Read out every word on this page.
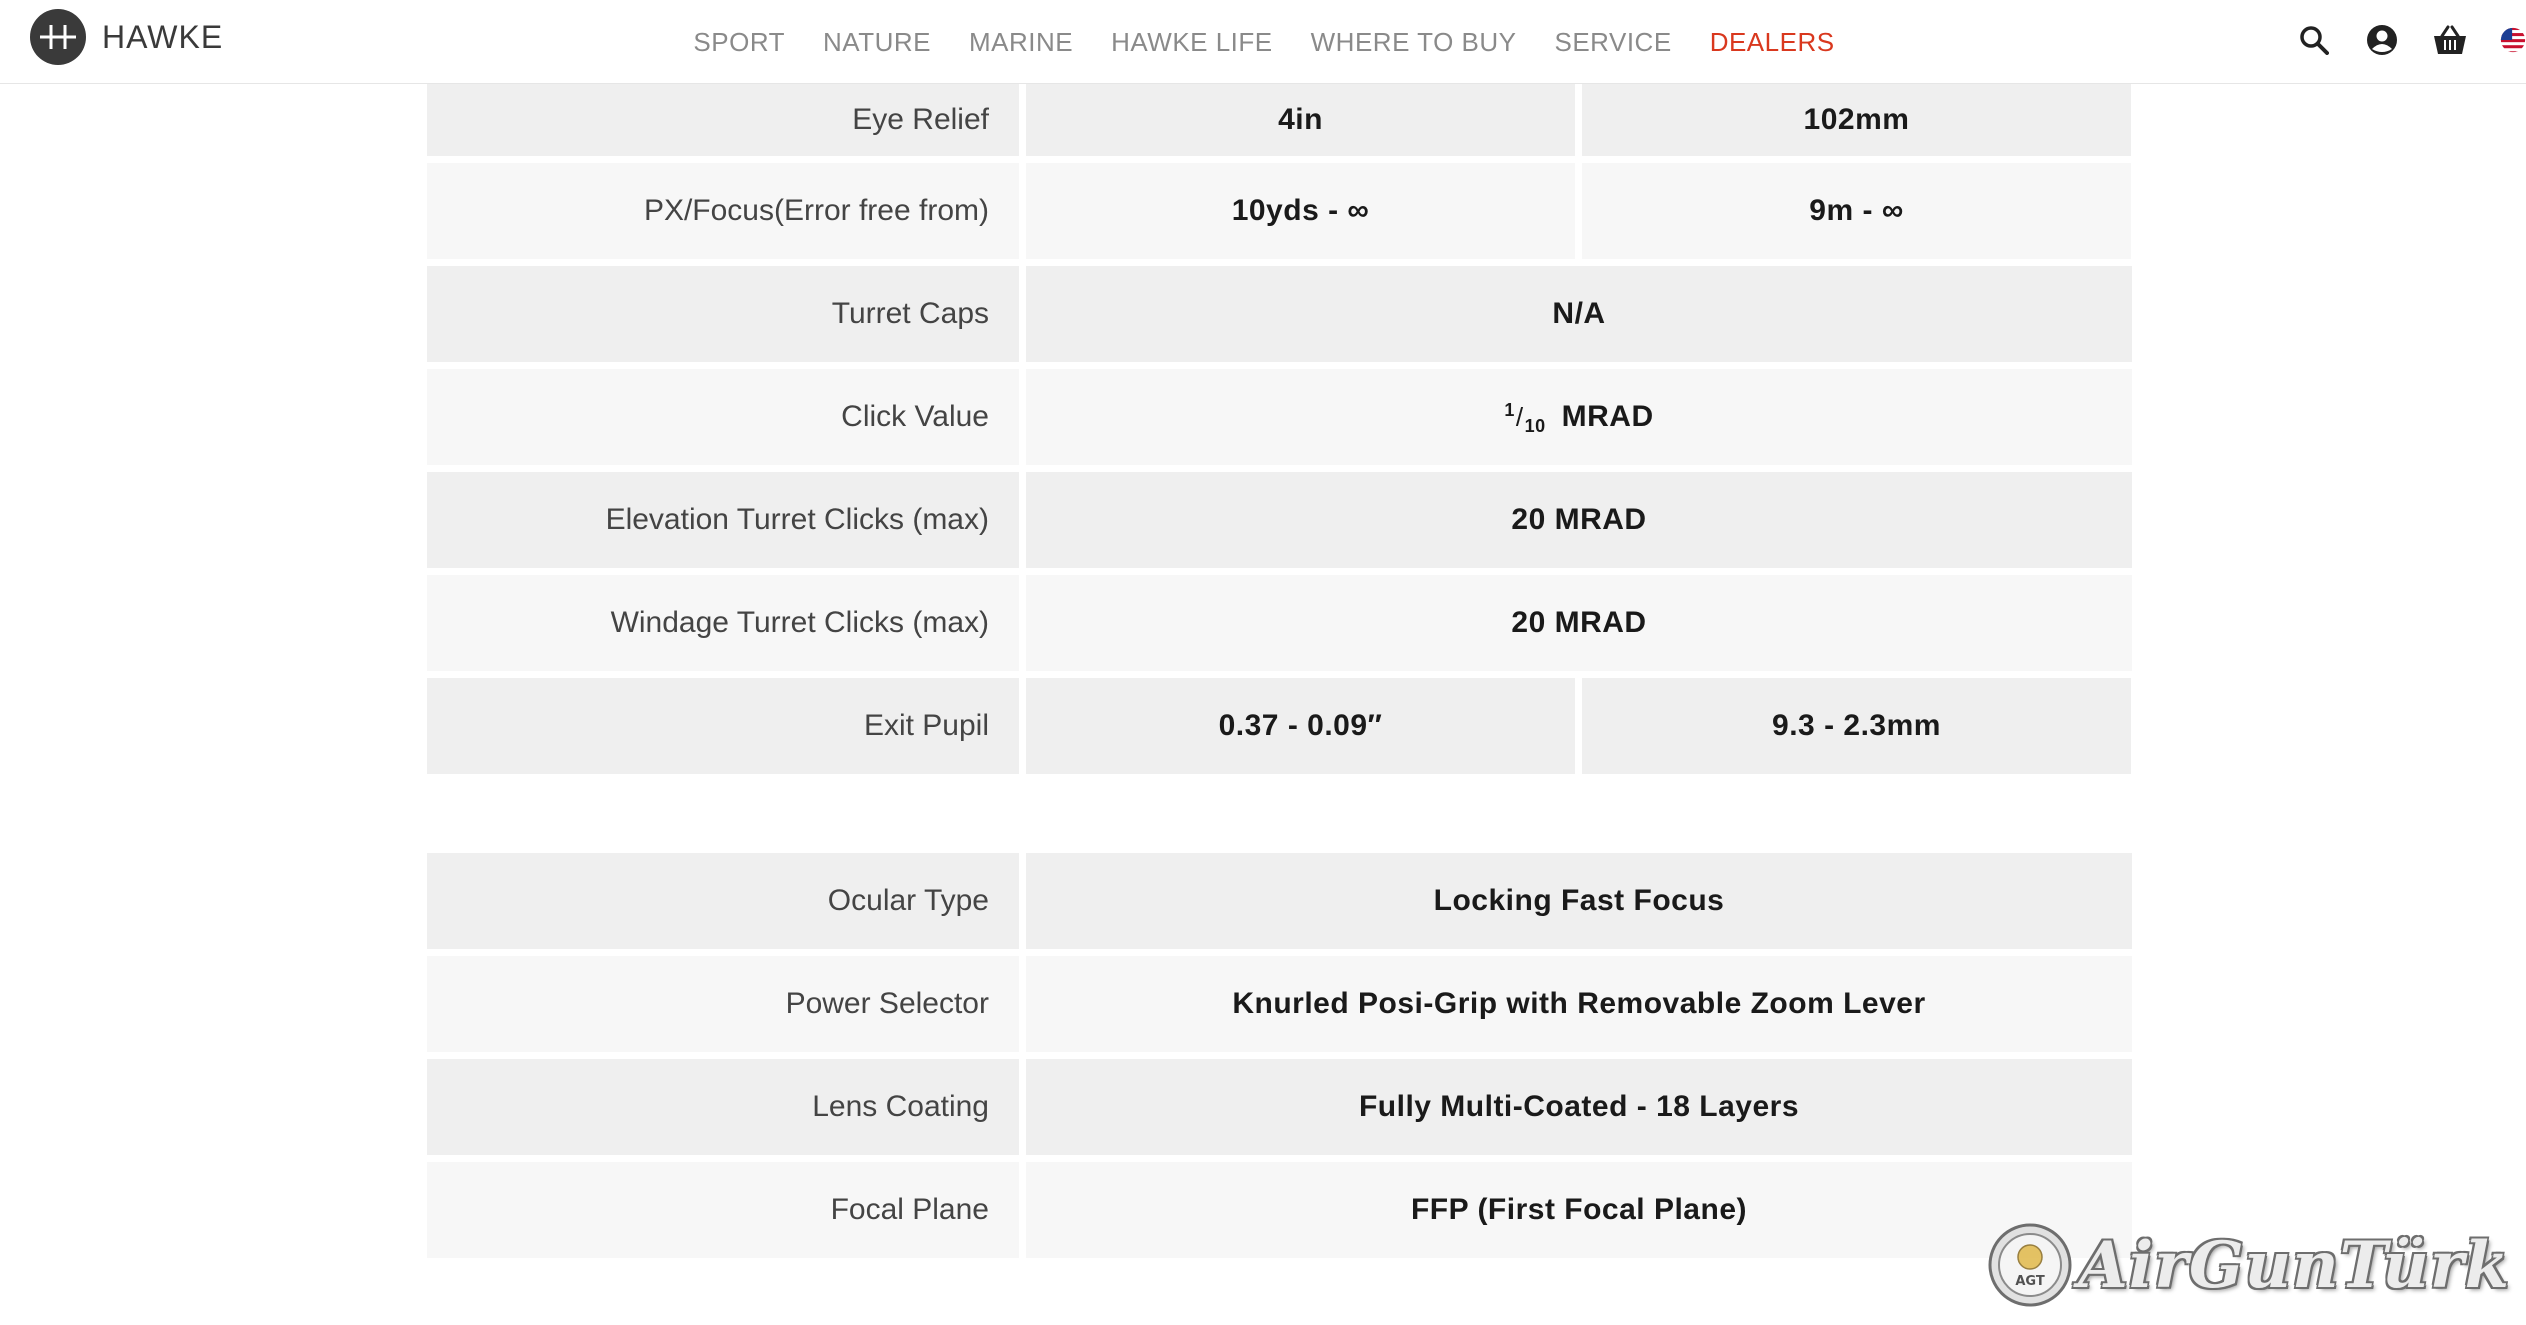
HAWKE	SPORT NATURE MARINE HAWKE LIFE WHERE TO BUY SERVICE DEALERS
Eye Relief	4in	102mm
PX/Focus(Error free from)	10yds - ∞	9m - ∞
Turret Caps	N/A
Click Value	$^1$ $/_{10}$ MRAD
Elevation Turret Clicks (max)	20 MRAD
Windage Turret Clicks (max)	20 MRAD
Exit Pupil	0.37 - 0.09″	9.3 - 2.3mm
Ocular Type	Locking Fast Focus
Power Selector	Knurled Posi-Grip with Removable Zoom Lever
Lens Coating	Fully Multi-Coated - 18 Layers
Focal Plane	FFP (First Focal Plane)
AGT AirGunTürk
